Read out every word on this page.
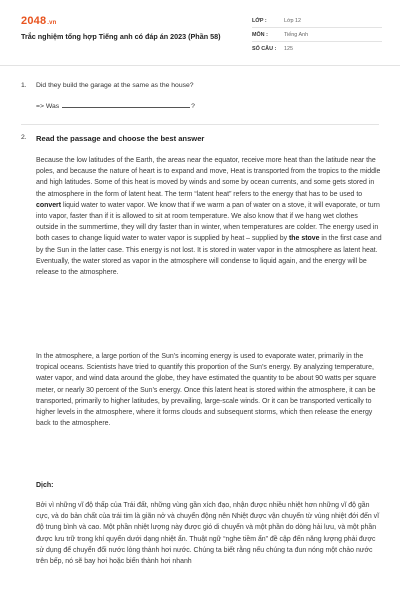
2048.vn
Trắc nghiệm tổng hợp Tiếng anh có đáp án 2023 (Phần 58)
LỚP :	Lớp 12
MÔN :	Tiếng Anh
SỐ CÂU :	125
1. Did they build the garage at the same as the house?
=> Was	?
2. Read the passage and choose the best answer
Because the low latitudes of the Earth, the areas near the equator, receive more heat than the latitude near the poles, and because the nature of heart is to expand and move, Heat is transported from the tropics to the middle and high latitudes. Some of this heat is moved by winds and some by ocean currents, and some gets stored in the atmosphere in the form of latent heat. The term “latent heat” refers to the energy that has to be used to convert liquid water to water vapor. We know that if we warm a pan of water on a stove, it will evaporate, or turn into vapor, faster than if it is allowed to sit at room temperature. We also know that if we hang wet clothes outside in the summertime, they will dry faster than in winter, when temperatures are colder. The energy used in both cases to change liquid water to water vapor is supplied by heat – supplied by the stove in the first case and by the Sun in the latter case. This energy is not lost. It is stored in water vapor in the atmosphere as latent heat. Eventually, the water stored as vapor in the atmosphere will condense to liquid again, and the energy will be release to the atmosphere.
In the atmosphere, a large portion of the Sun’s incoming energy is used to evaporate water, primarily in the tropical oceans. Scientists have tried to quantify this proportion of the Sun’s energy. By analyzing temperature, water vapor, and wind data around the globe, they have estimated the quantity to be about 90 watts per square meter, or nearly 30 percent of the Sun’s energy. Once this latent heat is stored within the atmosphere, it can be transported, primarily to higher latitudes, by prevailing, large-scale winds. Or it can be transported vertically to higher levels in the atmosphere, where it forms clouds and subsequent storms, which then release the energy back to the atmosphere.
Dịch:
Bởi vì những vĩ độ thấp của Trái đất, những vùng gần xích đạo, nhận được nhiều nhiệt hơn những vĩ độ gần cực, và do bản chất của trái tim là giãn nở và chuyển động nên Nhiệt được vận chuyển từ vùng nhiệt đới đến vĩ độ trung bình và cao. Một phần nhiệt lượng này được gió di chuyển và một phần do dòng hải lưu, và một phần được lưu trữ trong khí quyển dưới dạng nhiệt ẩn. Thuật ngữ “nghe tiềm ẩn” đề cập đến năng lượng phải được sử dụng để chuyển đổi nước lỏng thành hơi nước. Chúng ta biết rằng nếu chúng ta đun nóng một chảo nước trên bếp, nó sẽ bay hơi hoặc biến thành hơi nhanh
